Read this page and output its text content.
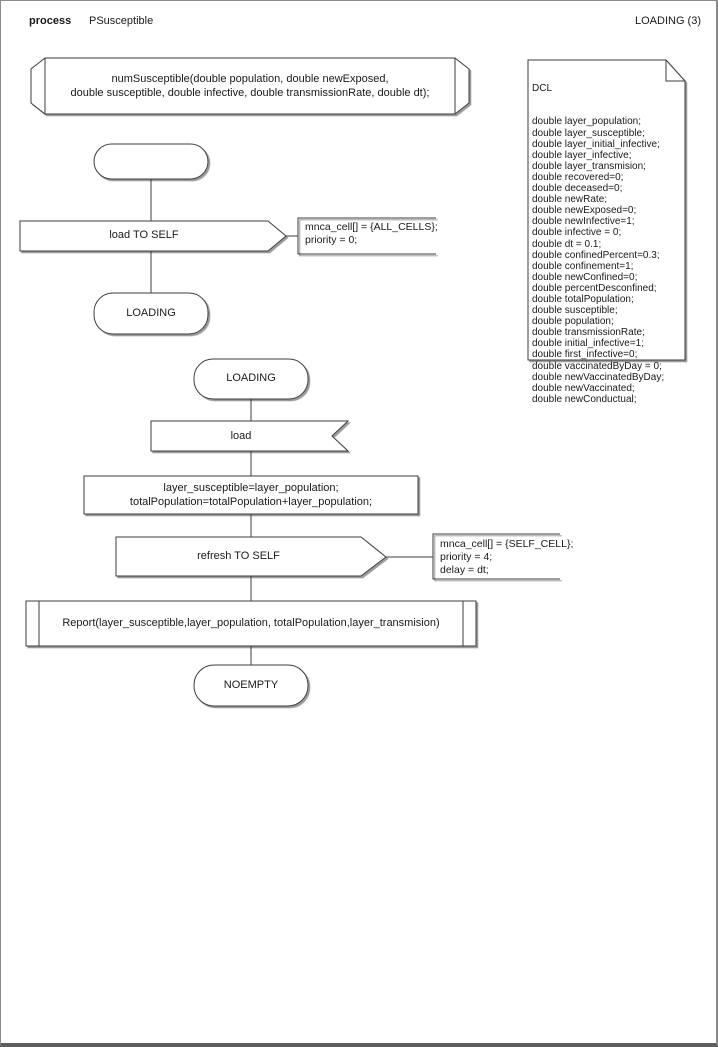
process PSusceptible	LOADING (3)
numSusceptible(double population, double newExposed,
double susceptible, double infective, double transmissionRate, double dt);

	DCL

double layer_population;
double layer_susceptible;
double layer_initial_infective;
double layer_infective;
double layer_transmision;
double recovered=0;
double deceased=0;
double newRate;
double newExposed=0;
double newInfective=1;
double infective = 0;
double dt = 0.1;
double confinedPercent=0.3;
double confinement=1;
double newConfined=0;
double percentDesconfined;
double totalPopulation;
double susceptible;
double population;
double transmissionRate;
double initial_infective=1;
double first_infective=0;
double vaccinatedByDay = 0;
double newVaccinatedByDay;
double newVaccinated;
double newConductual;

load TO SELF
mnca_cell[] = {ALL_CELLS};
priority = 0;
LOADING
LOADING
load
layer_susceptible=layer_population;
totalPopulation=totalPopulation+layer_population;
refresh TO SELF
mnca_cell[] = {SELF_CELL};
priority = 4;
delay = dt;
Report(layer_susceptible,layer_population, totalPopulation,layer_transmision)
NOEMPTY
